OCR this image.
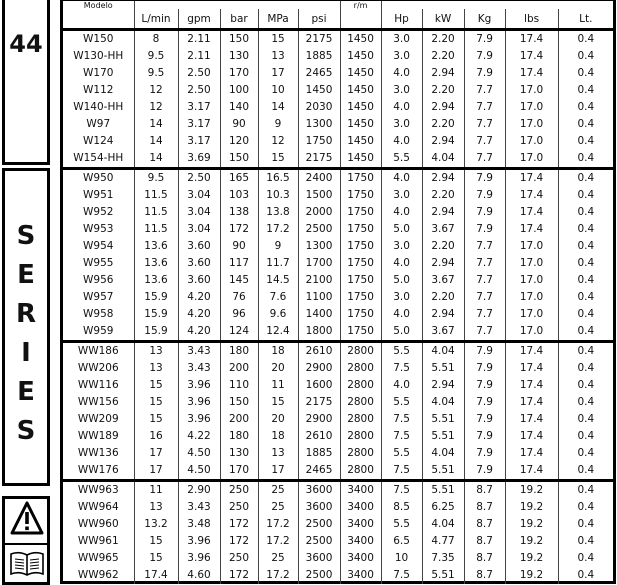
44
S
E
R
I
E
S
Modelo						r/m					
	L/min	gpm	bar	MPa	psi		Hp	kW	Kg	lbs	Lt.
W150	8	2.11	150	15	2175	1450	3.0	2.20	7.9	17.4	0.4
W130-HH	9.5	2.11	130	13	1885	1450	3.0	2.20	7.9	17.4	0.4
W170	9.5	2.50	170	17	2465	1450	4.0	2.94	7.9	17.4	0.4
W112	12	2.50	100	10	1450	1450	3.0	2.20	7.7	17.0	0.4
W140-HH	12	3.17	140	14	2030	1450	4.0	2.94	7.7	17.0	0.4
W97	14	3.17	90	9	1300	1450	3.0	2.20	7.7	17.0	0.4
W124	14	3.17	120	12	1750	1450	4.0	2.94	7.7	17.0	0.4
W154-HH	14	3.69	150	15	2175	1450	5.5	4.04	7.7	17.0	0.4
W950	9.5	2.50	165	16.5	2400	1750	4.0	2.94	7.9	17.4	0.4
W951	11.5	3.04	103	10.3	1500	1750	3.0	2.20	7.9	17.4	0.4
W952	11.5	3.04	138	13.8	2000	1750	4.0	2.94	7.9	17.4	0.4
W953	11.5	3.04	172	17.2	2500	1750	5.0	3.67	7.9	17.4	0.4
W954	13.6	3.60	90	9	1300	1750	3.0	2.20	7.7	17.0	0.4
W955	13.6	3.60	117	11.7	1700	1750	4.0	2.94	7.7	17.0	0.4
W956	13.6	3.60	145	14.5	2100	1750	5.0	3.67	7.7	17.0	0.4
W957	15.9	4.20	76	7.6	1100	1750	3.0	2.20	7.7	17.0	0.4
W958	15.9	4.20	96	9.6	1400	1750	4.0	2.94	7.7	17.0	0.4
W959	15.9	4.20	124	12.4	1800	1750	5.0	3.67	7.7	17.0	0.4
WW186	13	3.43	180	18	2610	2800	5.5	4.04	7.9	17.4	0.4
WW206	13	3.43	200	20	2900	2800	7.5	5.51	7.9	17.4	0.4
WW116	15	3.96	110	11	1600	2800	4.0	2.94	7.9	17.4	0.4
WW156	15	3.96	150	15	2175	2800	5.5	4.04	7.9	17.4	0.4
WW209	15	3.96	200	20	2900	2800	7.5	5.51	7.9	17.4	0.4
WW189	16	4.22	180	18	2610	2800	7.5	5.51	7.9	17.4	0.4
WW136	17	4.50	130	13	1885	2800	5.5	4.04	7.9	17.4	0.4
WW176	17	4.50	170	17	2465	2800	7.5	5.51	7.9	17.4	0.4
WW963	11	2.90	250	25	3600	3400	7.5	5.51	8.7	19.2	0.4
WW964	13	3.43	250	25	3600	3400	8.5	6.25	8.7	19.2	0.4
WW960	13.2	3.48	172	17.2	2500	3400	5.5	4.04	8.7	19.2	0.4
WW961	15	3.96	172	17.2	2500	3400	6.5	4.77	8.7	19.2	0.4
WW965	15	3.96	250	25	3600	3400	10	7.35	8.7	19.2	0.4
WW962	17.4	4.60	172	17.2	2500	3400	7.5	5.51	8.7	19.2	0.4
